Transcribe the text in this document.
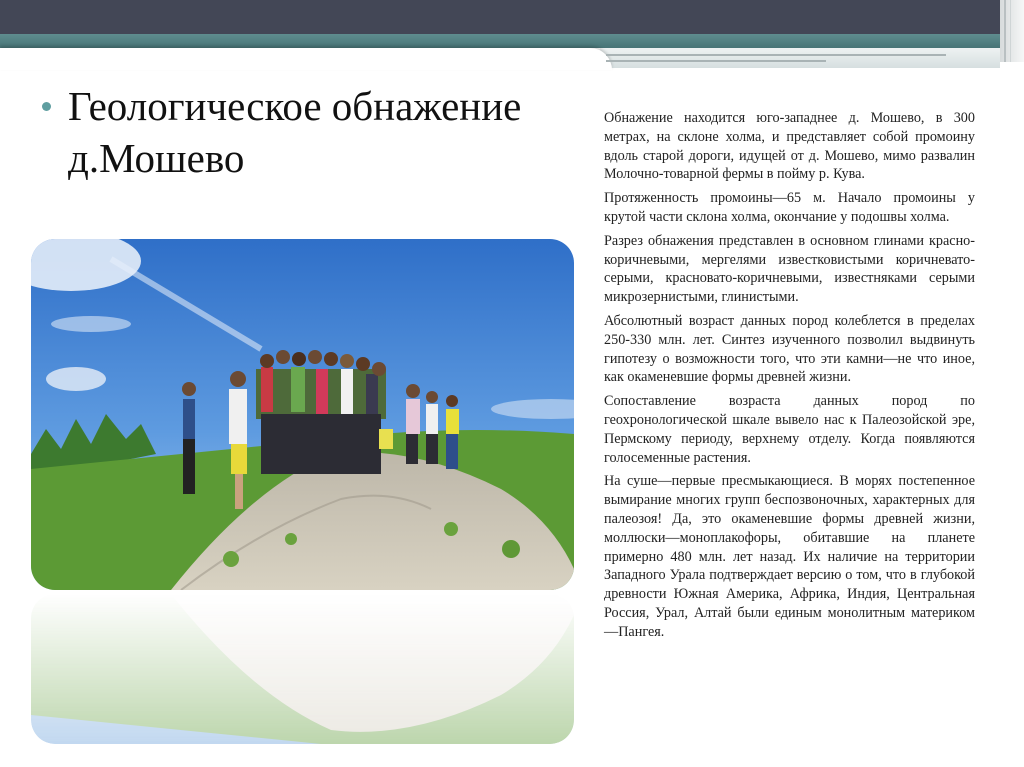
Геологическое обнажение д.Мошево

Обнажение находится юго-западнее д. Мошево, в 300 метрах, на склоне холма, и представляет собой промоину вдоль старой дороги, идущей от д. Мошево, мимо развалин Молочно-товарной фермы в пойму р. Кува.

Протяженность промоины—65 м. Начало промоины у крутой части склона холма, окончание у подошвы холма.

Разрез обнажения представлен в основном глинами красно-коричневыми, мергелями известковистыми коричневато-серыми, красновато-коричневыми, известняками серыми микрозернистыми, глинистыми.

Абсолютный возраст данных пород колеблется в пределах 250-330 млн. лет. Синтез изученного позволил выдвинуть гипотезу о возможности того, что эти камни—не что иное, как окаменевшие формы древней жизни.

Сопоставление возраста данных пород по геохронологической шкале вывело нас к Палеозойской эре, Пермскому периоду, верхнему отделу. Когда появляются голосеменные растения.

На суше—первые пресмыкающиеся. В морях постепенное вымирание многих групп беспозвоночных, характерных для палеозоя! Да, это окаменевшие формы древней жизни, моллюски—моноплакофоры, обитавшие на планете примерно 480 млн. лет назад. Их наличие на территории Западного Урала подтверждает версию о том, что в глубокой древности Южная Америка, Африка, Индия, Центральная Россия, Урал, Алтай были единым монолитным материком—Пангея.
